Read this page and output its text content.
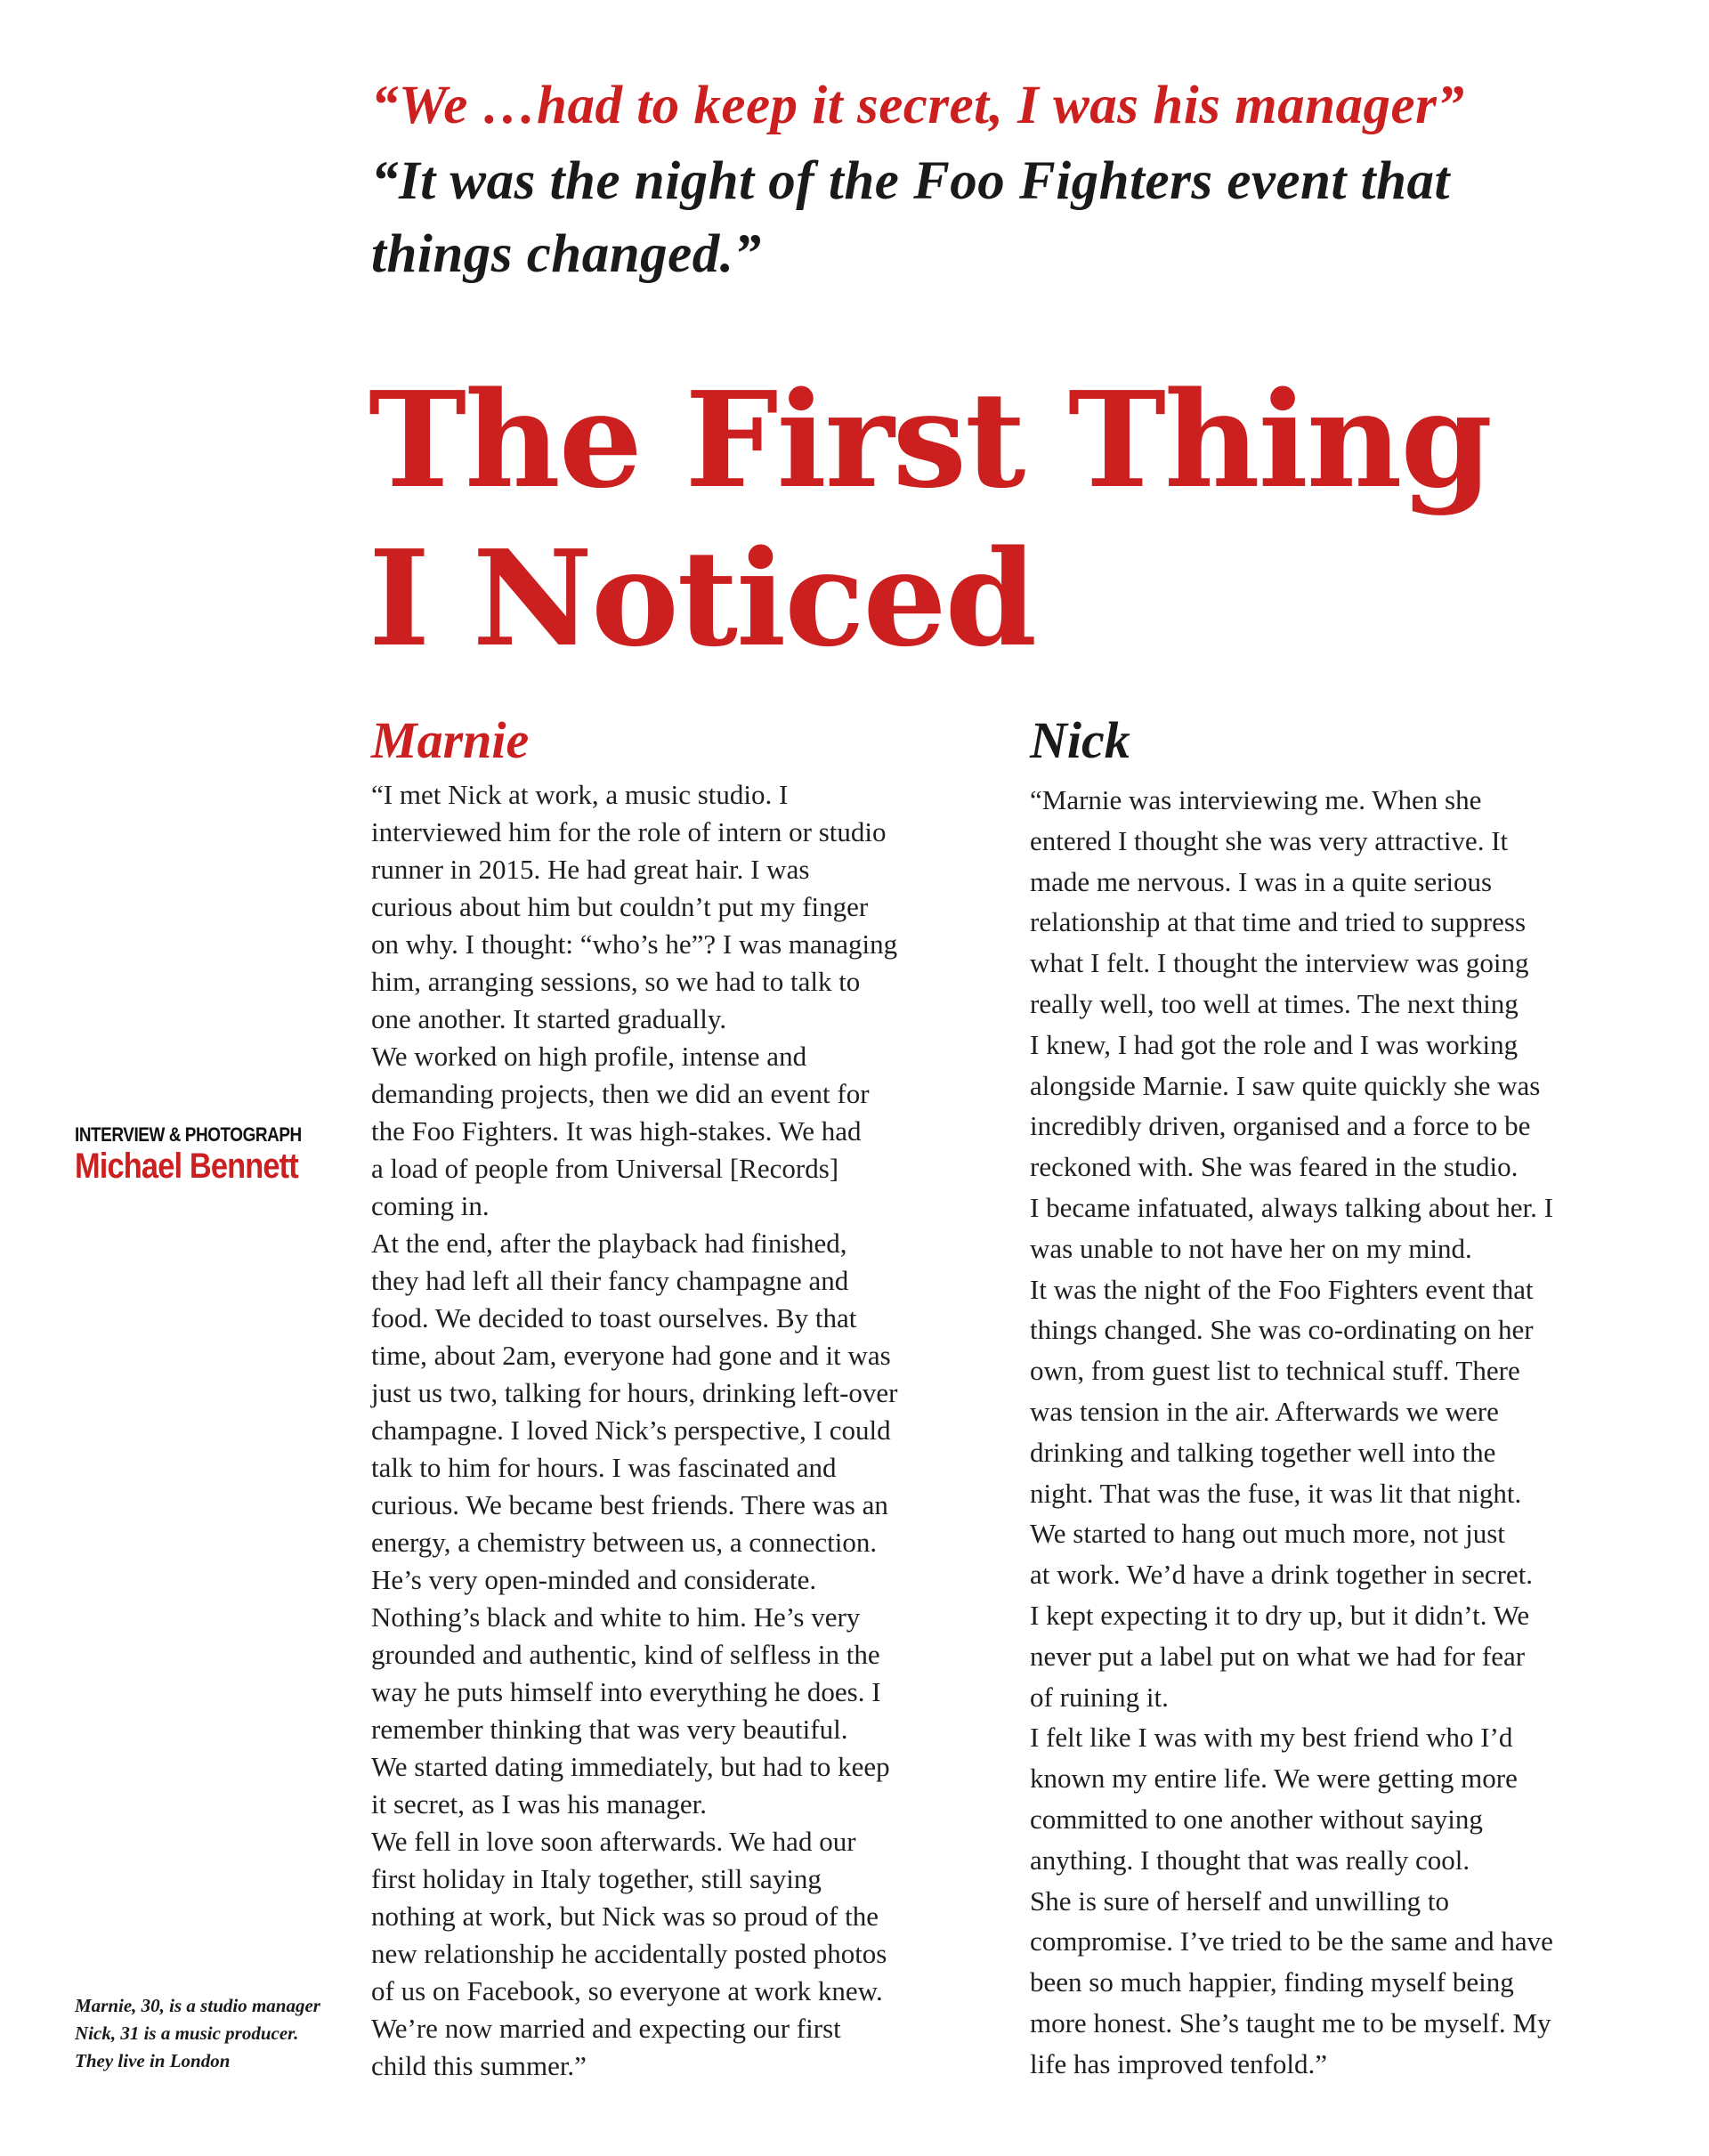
“We …had to keep it secret, I was his manager”
“It was the night of the Foo Fighters event that things changed.”
The First Thing
I Noticed
INTERVIEW & PHOTOGRAPH
Michael Bennett
Marnie

“I met Nick at work, a music studio. I

interviewed him for the role of intern or studio

runner in 2015. He had great hair. I was

curious about him but couldn’t put my finger

on why. I thought: “who’s he”? I was managing

him, arranging sessions, so we had to talk to

one another. It started gradually.

We worked on high profile, intense and

demanding projects, then we did an event for

the Foo Fighters. It was high-stakes. We had

a load of people from Universal [Records]

coming in.

At the end, after the playback had finished,

they had left all their fancy champagne and

food. We decided to toast ourselves. By that

time, about 2am, everyone had gone and it was

just us two, talking for hours, drinking left-over

champagne. I loved Nick’s perspective, I could

talk to him for hours. I was fascinated and

curious. We became best friends. There was an

energy, a chemistry between us, a connection.

He’s very open-minded and considerate.

Nothing’s black and white to him. He’s very

grounded and authentic, kind of selfless in the

way he puts himself into everything he does. I

remember thinking that was very beautiful.

We started dating immediately, but had to keep

it secret, as I was his manager.

We fell in love soon afterwards. We had our

first holiday in Italy together, still saying

nothing at work, but Nick was so proud of the

new relationship he accidentally posted photos

of us on Facebook, so everyone at work knew.

We’re now married and expecting our first

child this summer.”

Nick

“Marnie was interviewing me. When she

entered I thought she was very attractive. It

made me nervous. I was in a quite serious

relationship at that time and tried to suppress

what I felt. I thought the interview was going

really well, too well at times. The next thing

I knew, I had got the role and I was working

alongside Marnie. I saw quite quickly she was

incredibly driven, organised and a force to be

reckoned with. She was feared in the studio.

I became infatuated, always talking about her. I

was unable to not have her on my mind.

It was the night of the Foo Fighters event that

things changed. She was co-ordinating on her

own, from guest list to technical stuff. There

was tension in the air. Afterwards we were

drinking and talking together well into the

night. That was the fuse, it was lit that night.

We started to hang out much more, not just

at work. We’d have a drink together in secret.

I kept expecting it to dry up, but it didn’t. We

never put a label put on what we had for fear

of ruining it.

I felt like I was with my best friend who I’d

known my entire life. We were getting more

committed to one another without saying

anything. I thought that was really cool.

She is sure of herself and unwilling to

compromise. I’ve tried to be the same and have

been so much happier, finding myself being

more honest. She’s taught me to be myself. My

life has improved tenfold.”

Marnie, 30, is a studio manager

Nick, 31 is a music producer.

They live in London
